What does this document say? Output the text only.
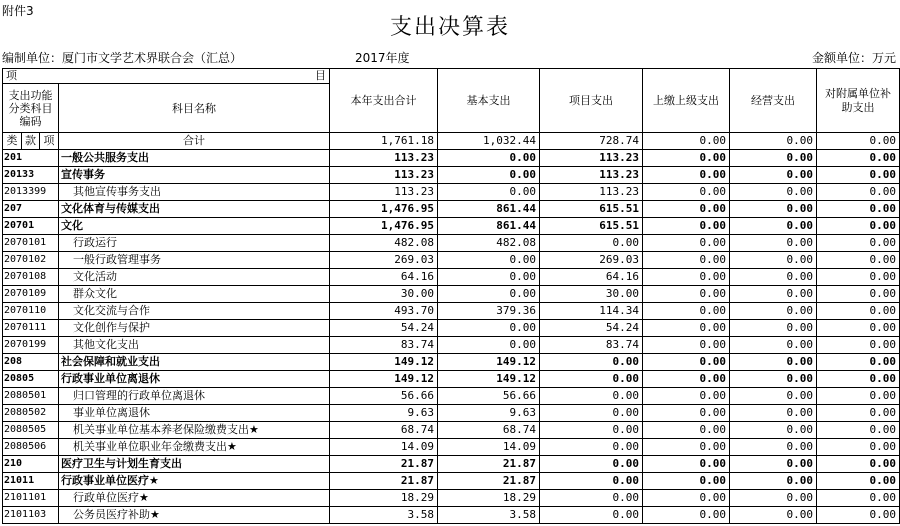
附件3
支出决算表
编制单位：厦门市文学艺术界联合会（汇总）	2017年度	金额单位：万元
项 目				本年支出合计	基本支出	项目支出	上缴上级支出	经营支出	对附属单位补助支出
支出功能分类科目编码			科目名称						
类	款	项	合计	1,761.18	1,032.44	728.74	0.00	0.00	0.00
201			一般公共服务支出	113.23	0.00	113.23	0.00	0.00	0.00
20133			宣传事务	113.23	0.00	113.23	0.00	0.00	0.00
2013399			其他宣传事务支出	113.23	0.00	113.23	0.00	0.00	0.00
207			文化体育与传媒支出	1,476.95	861.44	615.51	0.00	0.00	0.00
20701			文化	1,476.95	861.44	615.51	0.00	0.00	0.00
2070101			行政运行	482.08	482.08	0.00	0.00	0.00	0.00
2070102			一般行政管理事务	269.03	0.00	269.03	0.00	0.00	0.00
2070108			文化活动	64.16	0.00	64.16	0.00	0.00	0.00
2070109			群众文化	30.00	0.00	30.00	0.00	0.00	0.00
2070110			文化交流与合作	493.70	379.36	114.34	0.00	0.00	0.00
2070111			文化创作与保护	54.24	0.00	54.24	0.00	0.00	0.00
2070199			其他文化支出	83.74	0.00	83.74	0.00	0.00	0.00
208			社会保障和就业支出	149.12	149.12	0.00	0.00	0.00	0.00
20805			行政事业单位离退休	149.12	149.12	0.00	0.00	0.00	0.00
2080501			归口管理的行政单位离退休	56.66	56.66	0.00	0.00	0.00	0.00
2080502			事业单位离退休	9.63	9.63	0.00	0.00	0.00	0.00
2080505			机关事业单位基本养老保险缴费支出★	68.74	68.74	0.00	0.00	0.00	0.00
2080506			机关事业单位职业年金缴费支出★	14.09	14.09	0.00	0.00	0.00	0.00
210			医疗卫生与计划生育支出	21.87	21.87	0.00	0.00	0.00	0.00
21011			行政事业单位医疗★	21.87	21.87	0.00	0.00	0.00	0.00
2101101			行政单位医疗★	18.29	18.29	0.00	0.00	0.00	0.00
2101103			公务员医疗补助★	3.58	3.58	0.00	0.00	0.00	0.00
